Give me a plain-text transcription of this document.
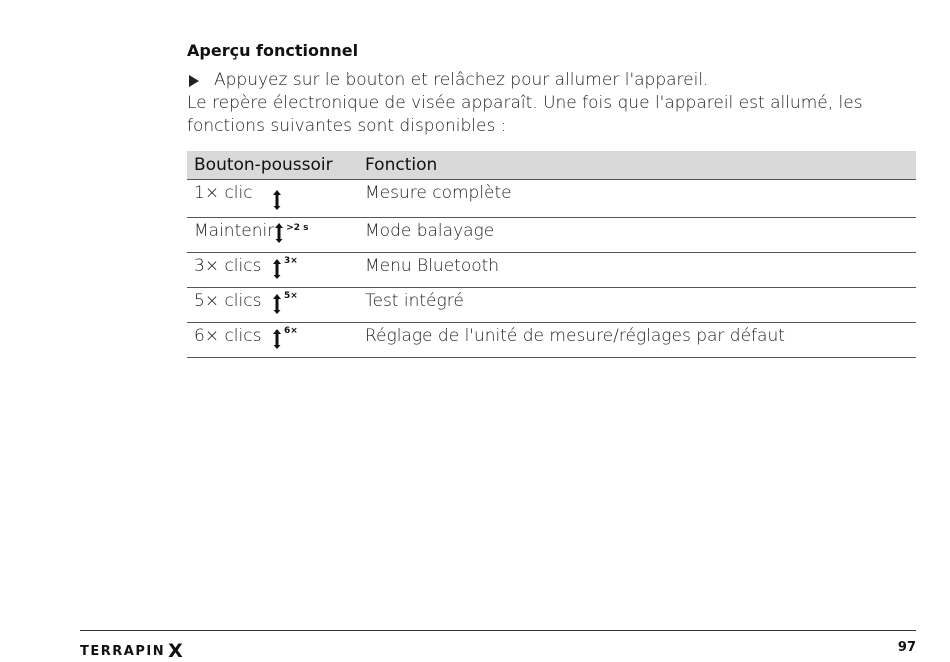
Aperçu fonctionnel
Appuyez sur le bouton et relâchez pour allumer l'appareil.
Le repère électronique de visée apparaît. Une fois que l'appareil est allumé, les fonctions suivantes sont disponibles :
Bouton-poussoir	Fonction

1× clic	Mesure complète

Maintenir >2 s	Mode balayage

3× clics 3×	Menu Bluetooth

5× clics 5×	Test intégré

6× clics 6×	Réglage de l'unité de mesure/réglages par défaut
TERRAPIN X	97
